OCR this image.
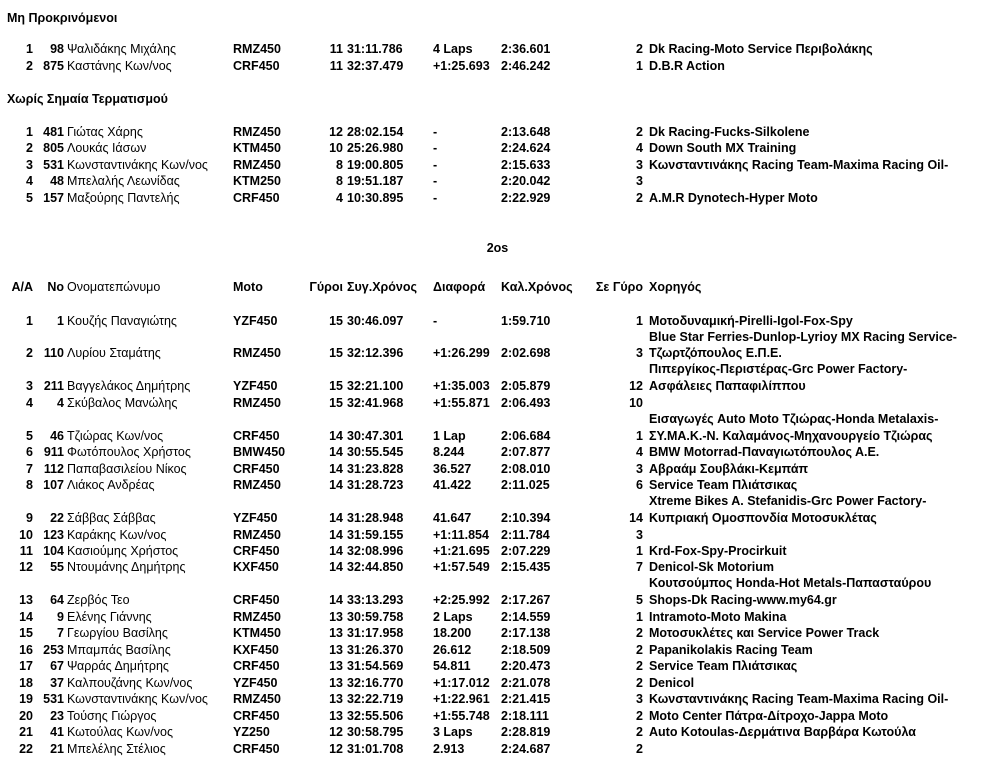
Μη Προκρινόμενοι
1 98 Ψαλιδάκης Μιχάλης	RMZ450	11 31:11.786 4 Laps 2:36.601	2 Dk Racing-Moto Service Περιβολάκης
2 875 Καστάνης Κων/νος	CRF450	11 32:37.479 +1:25.693 2:46.242	1 D.B.R Action
Χωρίς Σημαία Τερματισμού
1 481 Γιώτας Χάρης	RMZ450	12 28:02.154 -	2:13.648	2 Dk Racing-Fucks-Silkolene
2 805 Λουκάς Ιάσων	KTM450	10 25:26.980 -	2:24.624	4 Down South MX Training
3 531 Κωνσταντινάκης Κων/νος RMZ450	8 19:00.805 -	2:15.633	3 Κωνσταντινάκης Racing Team-Maxima Racing Oil-
4 48 Μπελαλής Λεωνίδας	KTM250	8 19:51.187 -	2:20.042	3
5 157 Μαξούρης Παντελής	CRF450	4 10:30.895 -	2:22.929	2 A.M.R Dynotech-Hyper Moto
2os
Α/Α No Ονοματεπώνυμο	Moto	Γύροι Συγ.Χρόνος Διαφορά Καλ.Χρόνος Σε Γύρο Χορηγός
1 1 Κουζής Παναγιώτης	YZF450	15 30:46.097 -	1:59.710	1 Μοτοδυναμική-Pirelli-Igol-Fox-Spy
Blue Star Ferries-Dunlop-Lyrioy MX Racing Service-
2 110 Λυρίου Σταμάτης	RMZ450	15 32:12.396 +1:26.299 2:02.698	3 Τζωρτζόπουλος Ε.Π.Ε.
Πιπεργίκος-Περιστέρας-Grc Power Factory-
3 211 Βαγγελάκος Δημήτρης	YZF450	15 32:21.100 +1:35.003 2:05.879	12 Ασφάλειες Παπαφιλίππου
4 4 Σκύβαλος Μανώλης	RMZ450	15 32:41.968 +1:55.871 2:06.493	10
Εισαγωγές Auto Moto Τζιώρας-Honda Metalaxis-
5 46 Τζιώρας Κων/νος	CRF450	14 30:47.301 1 Lap	2:06.684	1 ΣΥ.ΜΑ.Κ.-Ν. Καλαμάνος-Μηχανουργείο Τζιώρας
6 911 Φωτόπουλος Χρήστος	BMW450	14 30:55.545 8.244	2:07.877	4 BMW Motorrad-Παναγιωτόπουλος Α.Ε.
7 112 Παπαβασιλείου Νίκος	CRF450	14 31:23.828 36.527 2:08.010	3 Αβραάμ Σουβλάκι-Κεμπάπ
8 107 Λιάκος Ανδρέας	RMZ450	14 31:28.723 41.422 2:11.025	6 Service Team Πλιάτσικας
Xtreme Bikes A. Stefanidis-Grc Power Factory-
9 22 Σάββας Σάββας	YZF450	14 31:28.948 41.647 2:10.394	14 Κυπριακή Ομοσπονδία Μοτοσυκλέτας
10 123 Καράκης Κων/νος	RMZ450	14 31:59.155 +1:11.854 2:11.784	3
11 104 Κασιούμης Χρήστος	CRF450	14 32:08.996 +1:21.695 2:07.229	1 Krd-Fox-Spy-Procirkuit
12 55 Ντουμάνης Δημήτρης	KXF450	14 32:44.850 +1:57.549 2:15.435	7 Denicol-Sk Motorium
Κουτσούμπος Honda-Hot Metals-Παπασταύρου
13 64 Ζερβός Τεο	CRF450	14 33:13.293 +2:25.992 2:17.267	5 Shops-Dk Racing-www.my64.gr
14 9 Ελένης Γιάννης	RMZ450	13 30:59.758 2 Laps 2:14.559	1 Intramoto-Moto Makina
15 7 Γεωργίου Βασίλης	KTM450	13 31:17.958 18.200 2:17.138	2 Μοτοσυκλέτες και Service Power Track
16 253 Μπαμπάς Βασίλης	KXF450	13 31:26.370 26.612 2:18.509	2 Papanikolakis Racing Team
17 67 Ψαρράς Δημήτρης	CRF450	13 31:54.569 54.811 2:20.473	2 Service Team Πλιάτσικας
18 37 Καλπουζάνης Κων/νος	YZF450	13 32:16.770 +1:17.012 2:21.078	2 Denicol
19 531 Κωνσταντινάκης Κων/νος RMZ450	13 32:22.719 +1:22.961 2:21.415	3 Κωνσταντινάκης Racing Team-Maxima Racing Oil-
20 23 Τούσης Γιώργος	CRF450	13 32:55.506 +1:55.748 2:18.111	2 Moto Center Πάτρα-Δίτροχο-Jappa Moto
21 41 Κωτούλας Κων/νος	YZ250	12 30:58.795 3 Laps 2:28.819	2 Auto Kotoulas-Δερμάτινα Βαρβάρα Κωτούλα
22 21 Μπελέλης Στέλιος	CRF450	12 31:01.708 2.913	2:24.687	2
